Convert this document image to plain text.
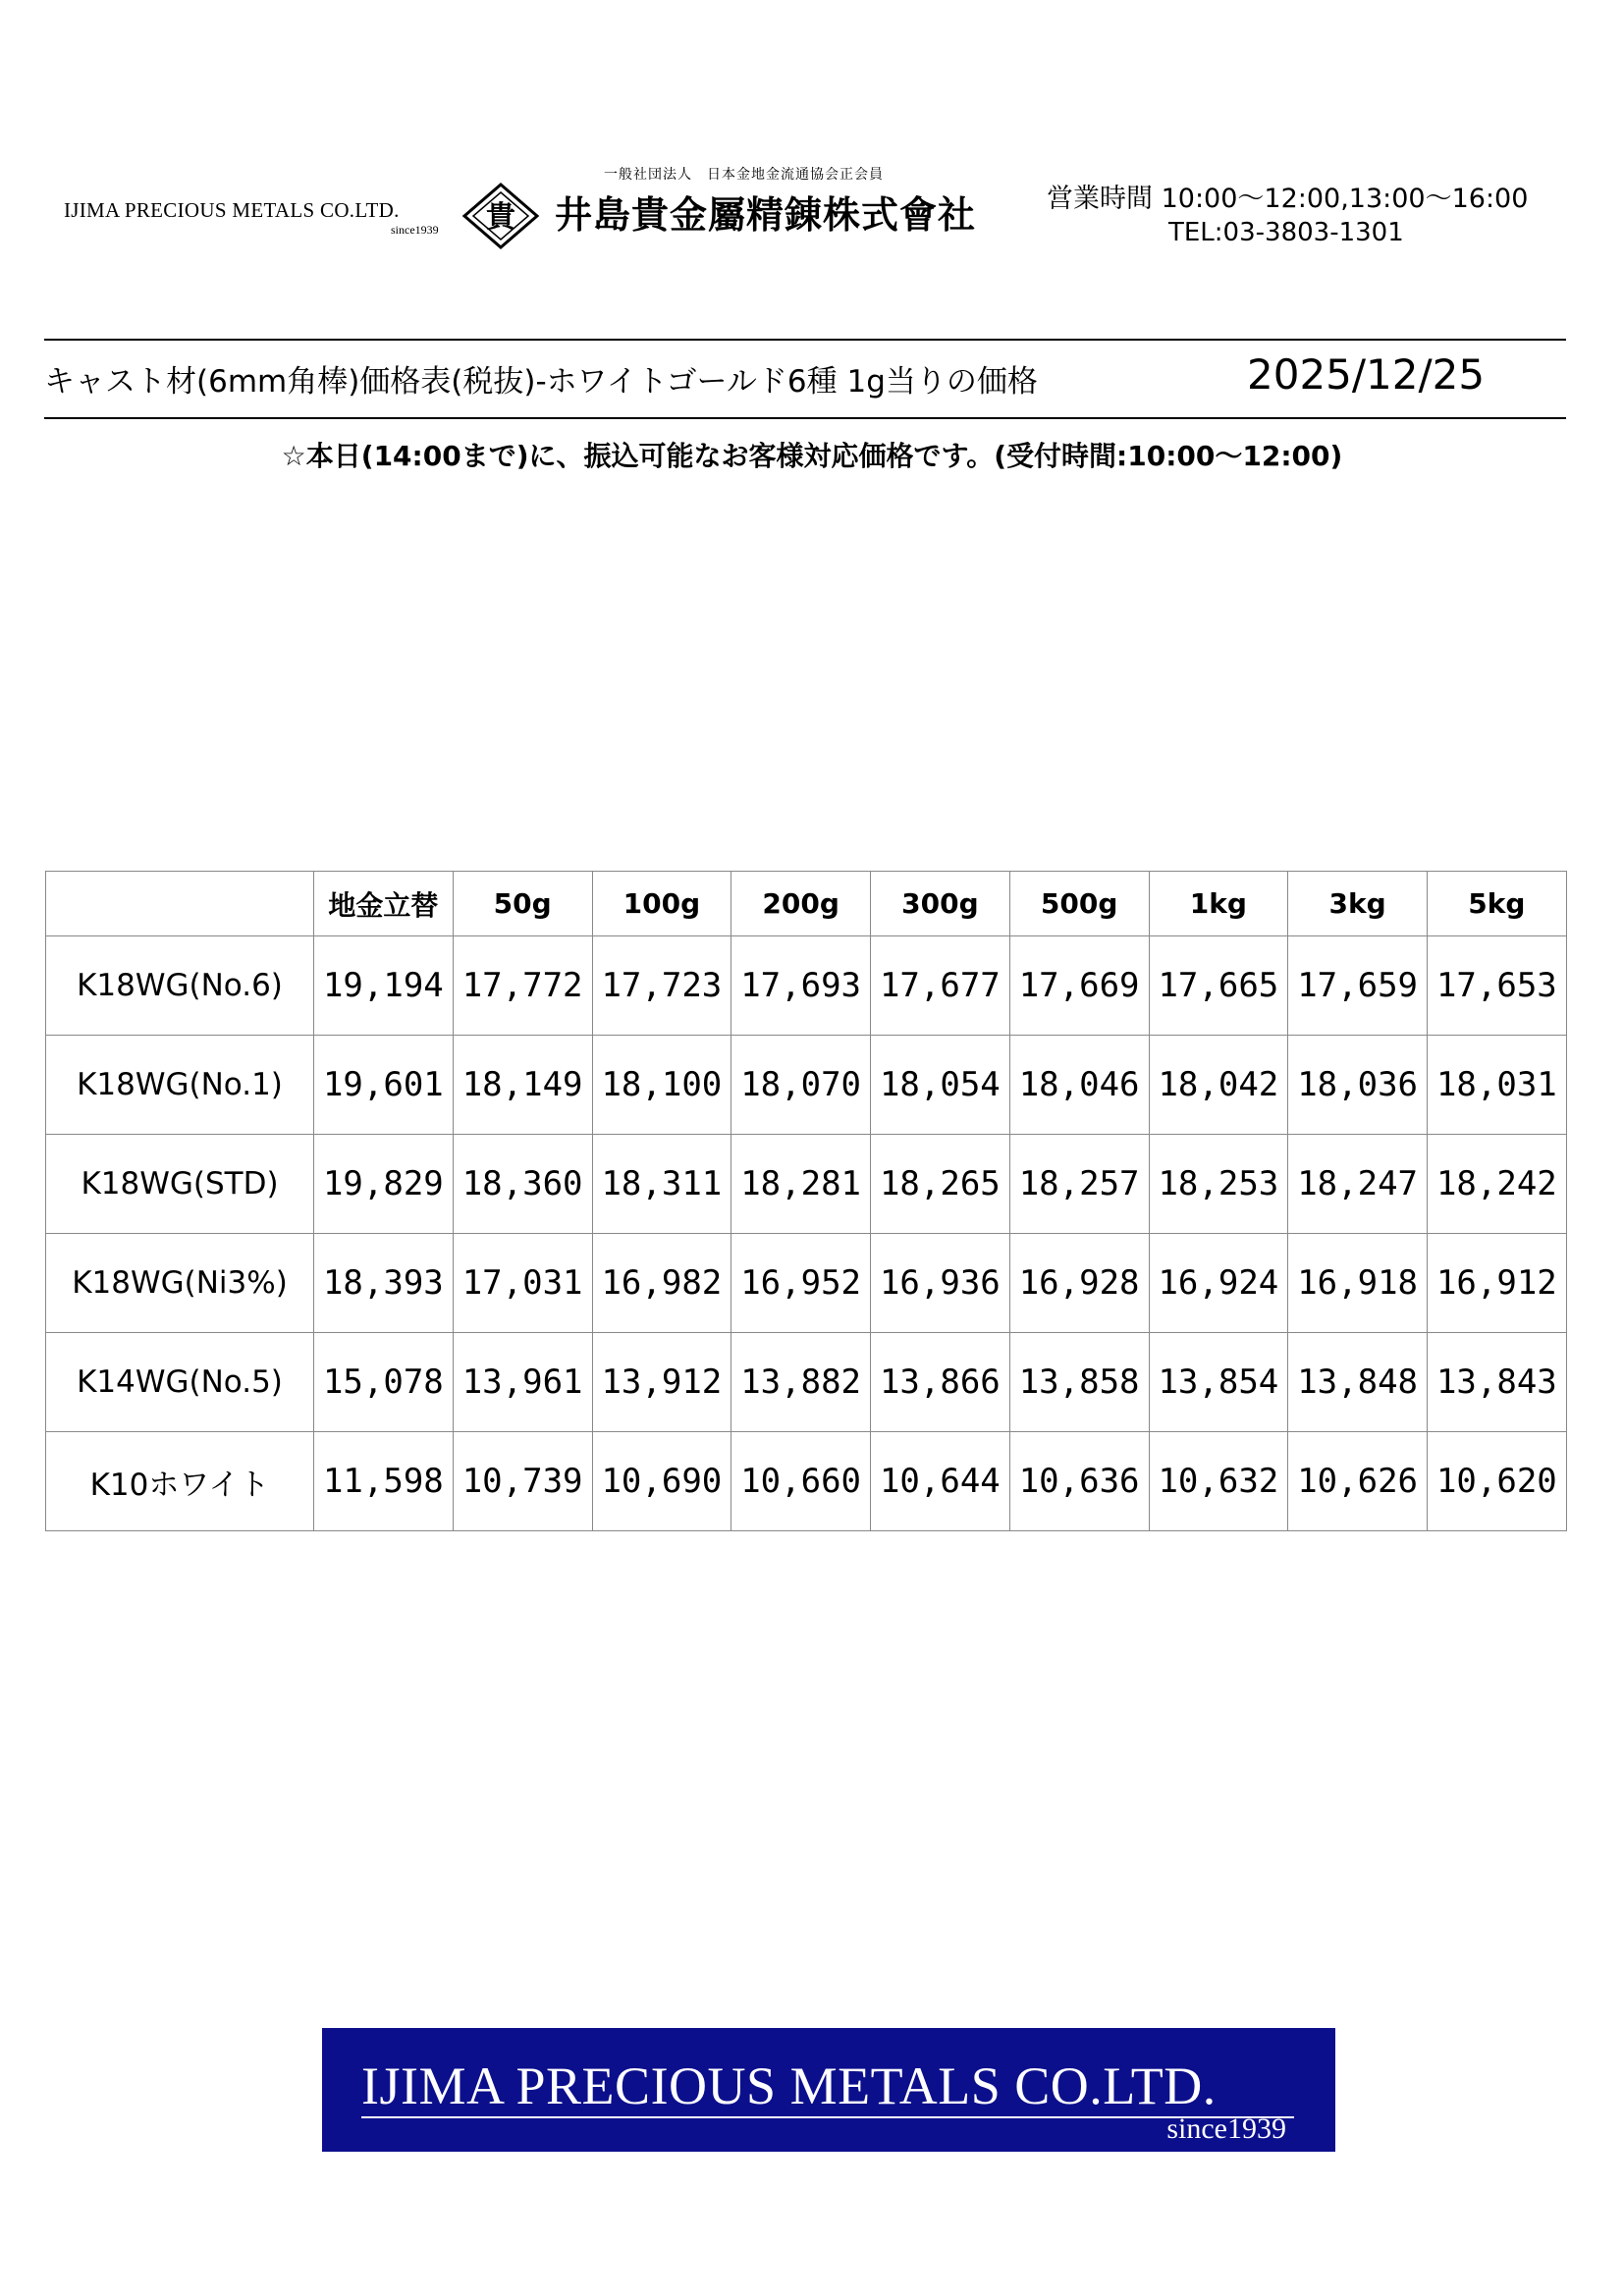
IJIMA PRECIOUS METALS CO.LTD.
since1939 貴
一般社団法人　日本金地金流通協会正会員
井島貴金屬精錬株式會社	営業時間 10:00〜12:00,13:00〜16:00
TEL:03-3803-1301
キャスト材(6mm角棒)価格表(税抜)-ホワイトゴールド6種 1g当りの価格	2025/12/25
☆本日(14:00まで)に、振込可能なお客様対応価格です。(受付時間:10:00〜12:00)
	地金立替	50g	100g	200g	300g	500g	1kg	3kg	5kg
K18WG(No.6)	19,194	17,772	17,723	17,693	17,677	17,669	17,665	17,659	17,653
K18WG(No.1)	19,601	18,149	18,100	18,070	18,054	18,046	18,042	18,036	18,031
K18WG(STD)	19,829	18,360	18,311	18,281	18,265	18,257	18,253	18,247	18,242
K18WG(Ni3%)	18,393	17,031	16,982	16,952	16,936	16,928	16,924	16,918	16,912
K14WG(No.5)	15,078	13,961	13,912	13,882	13,866	13,858	13,854	13,848	13,843
K10ホワイト	11,598	10,739	10,690	10,660	10,644	10,636	10,632	10,626	10,620
IJIMA PRECIOUS METALS CO.LTD.
since1939
